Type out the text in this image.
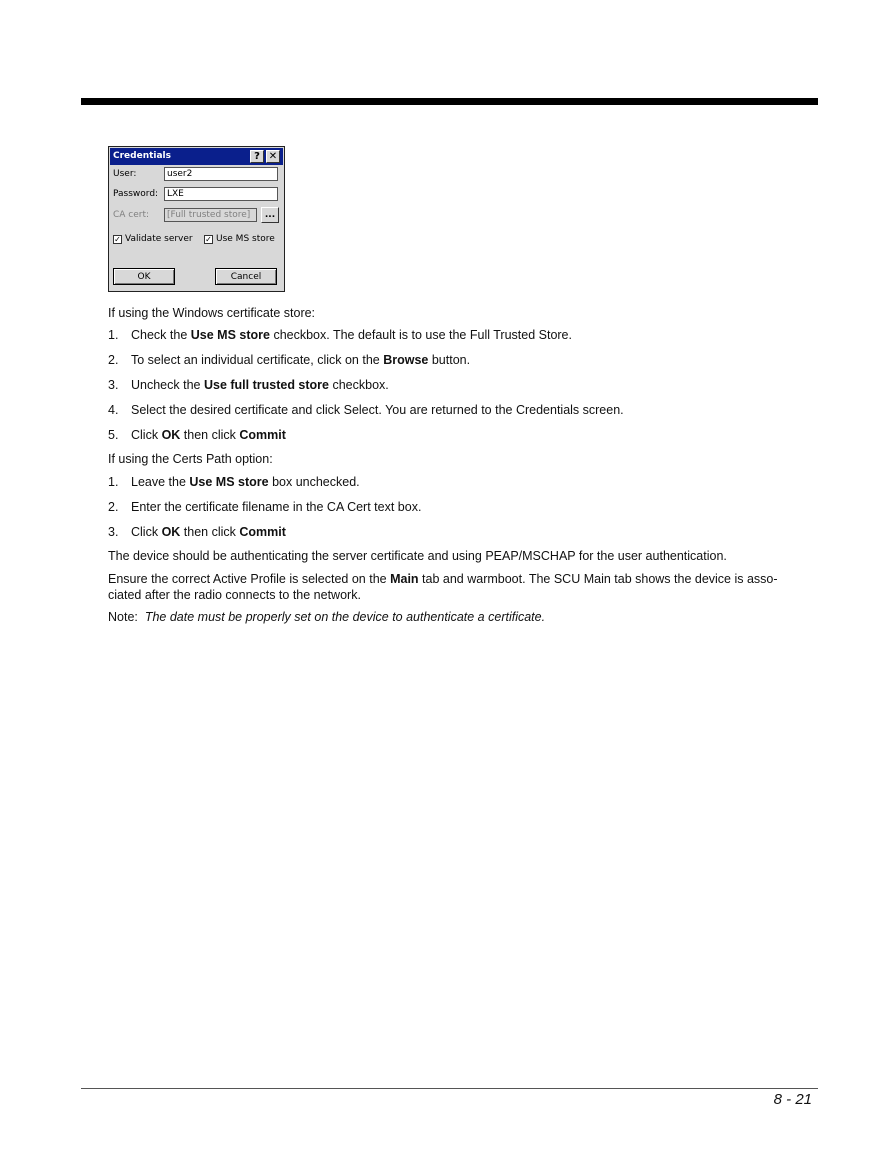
Credentials	? ✕
User:	user2
Password: LXE
CA cert:	[Full trusted store]	...
✓ Validate server ✓ Use MS store
OK	Cancel
If using the Windows certificate store:
1. Check the Use MS store checkbox. The default is to use the Full Trusted Store.
2. To select an individual certificate, click on the Browse button.
3. Uncheck the Use full trusted store checkbox.
4. Select the desired certificate and click Select. You are returned to the Credentials screen.
5. Click OK then click Commit
If using the Certs Path option:
1. Leave the Use MS store box unchecked.
2. Enter the certificate filename in the CA Cert text box.
3. Click OK then click Commit
The device should be authenticating the server certificate and using PEAP/MSCHAP for the user authentication.
Ensure the correct Active Profile is selected on the Main tab and warmboot. The SCU Main tab shows the device is asso-
ciated after the radio connects to the network.
Note: The date must be properly set on the device to authenticate a certificate.
8 - 21
